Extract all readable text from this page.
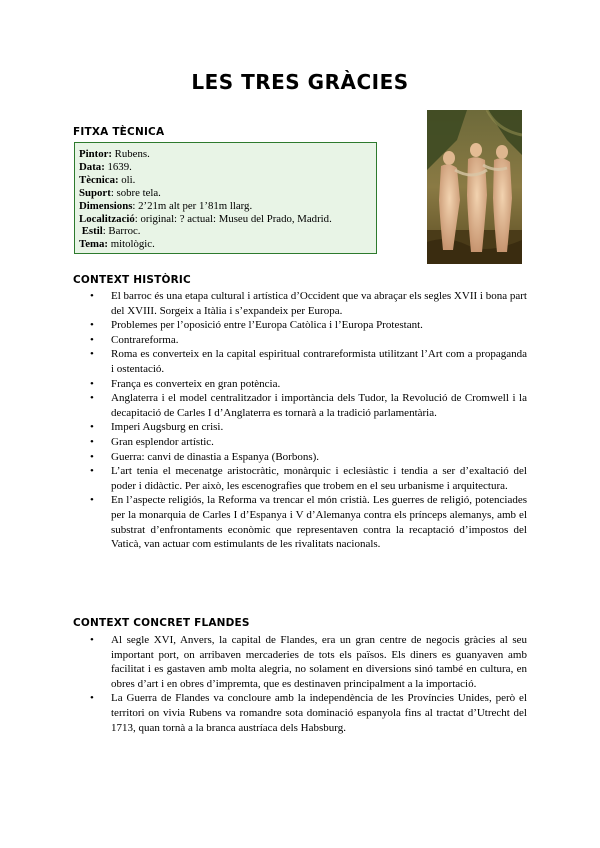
LES TRES GRÀCIES
FITXA TÈCNICA
Pintor: Rubens.
Data: 1639.
Tècnica: oli.
Suport: sobre tela.
Dimensions: 2’21m alt per 1’81m llarg.
Localització: original: ? actual: Museu del Prado, Madrid.
Estil: Barroc.
Tema: mitològic.
CONTEXT HISTÒRIC
• El barroc és una etapa cultural i artística d’Occident que va abraçar els segles XVII i bona part del XVIII. Sorgeix a Itàlia i s’expandeix per Europa.
• Problemes per l’oposició entre l’Europa Catòlica i l’Europa Protestant.
• Contrareforma.
• Roma es converteix en la capital espiritual contrareformista utilitzant l’Art com a propaganda i ostentació.
• França es converteix en gran potència.
• Anglaterra i el model centralitzador i importància dels Tudor, la Revolució de Cromwell i la decapitació de Carles I d’Anglaterra es tornarà a la tradició parlamentària.
• Imperi Augsburg en crisi.
• Gran esplendor artístic.
• Guerra: canvi de dinastia a Espanya (Borbons).
• L’art tenia el mecenatge aristocràtic, monàrquic i eclesiàstic i tendia a ser d’exaltació del poder i didàctic. Per això, les escenografies que trobem en el seu urbanisme i arquitectura.
• En l’aspecte religiós, la Reforma va trencar el món cristià. Les guerres de religió, potenciades per la monarquia de Carles I d’Espanya i V d’Alemanya contra els prínceps alemanys, amb el substrat d’enfrontaments econòmic que representaven contra la recaptació d’impostos del Vaticà, van actuar com estimulants de les rivalitats nacionals.
CONTEXT CONCRET FLANDES
• Al segle XVI, Anvers, la capital de Flandes, era un gran centre de negocis gràcies al seu important port, on arribaven mercaderies de tots els països. Els diners es guanyaven amb facilitat i es gastaven amb molta alegria, no solament en diversions sinó també en cultura, en obres d’art i en obres d’impremta, que es destinaven principalment a la importació.
• La Guerra de Flandes va concloure amb la independència de les Províncies Unides, però el territori on vivia Rubens va romandre sota dominació espanyola fins al tractat d’Utrecht del 1713, quan tornà a la branca austríaca dels Habsburg.
